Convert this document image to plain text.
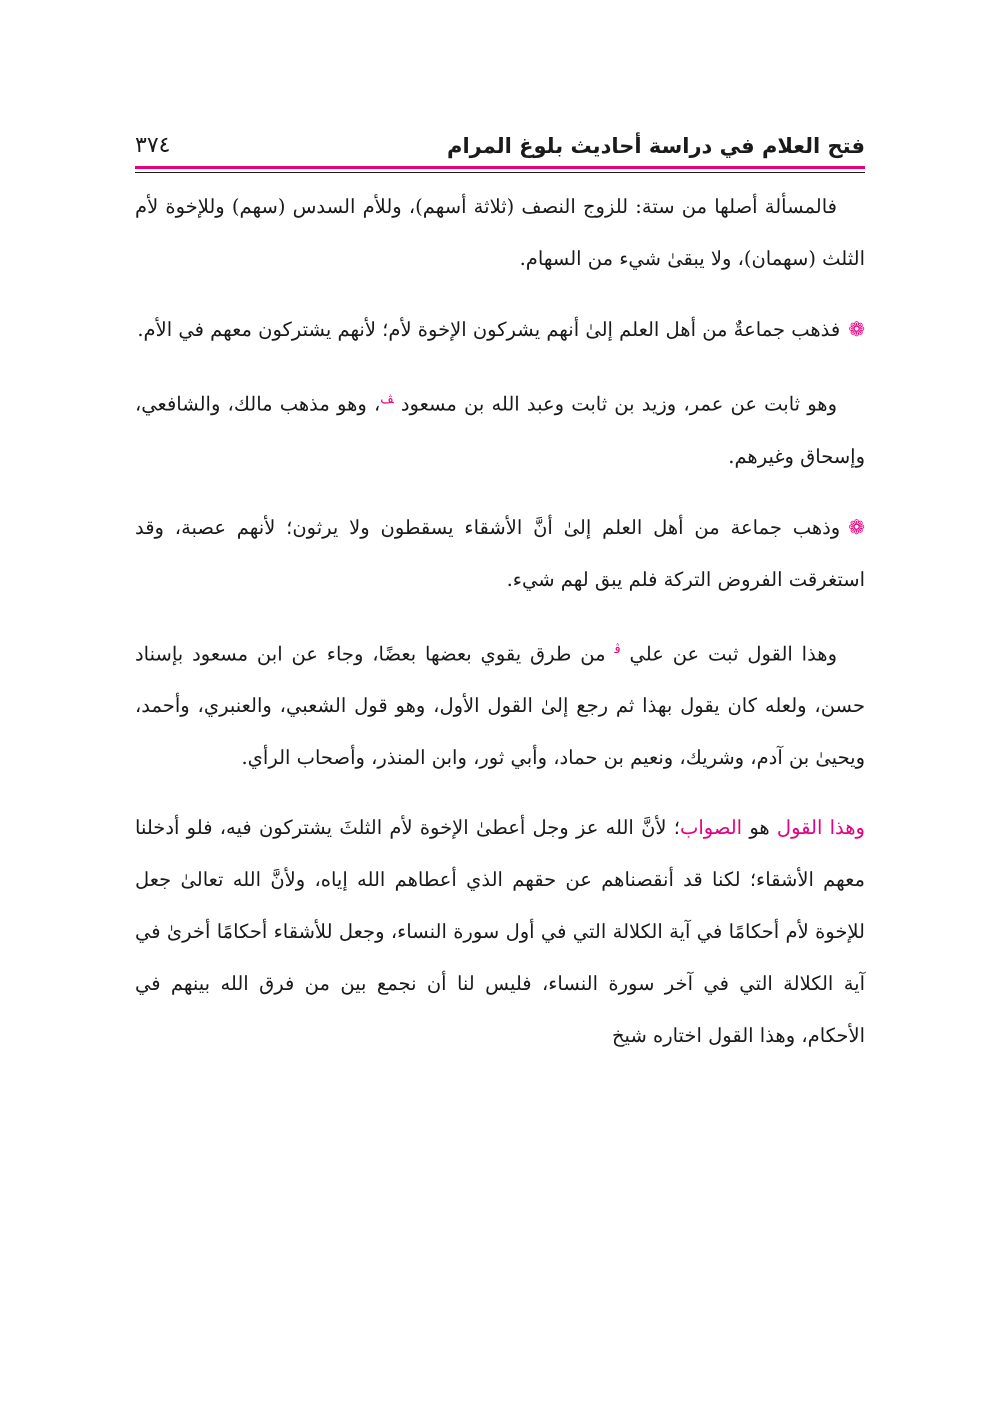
فتح العلام في دراسة أحاديث بلوغ المرام
٣٧٤

فالمسألة أصلها من ستة: للزوج النصف (ثلاثة أسهم)، وللأم السدس (سهم) وللإخوة لأم الثلث (سهمان)، ولا يبقىٰ شيء من السهام.

❁فذهب جماعةٌ من أهل العلم إلىٰ أنهم يشركون الإخوة لأم؛ لأنهم يشتركون معهم في الأم.

وهو ثابت عن عمر، وزيد بن ثابت وعبد الله بن مسعود $^ﭫ$، وهو مذهب مالك، والشافعي، وإسحاق وغيرهم.

❁وذهب جماعة من أهل العلم إلىٰ أنَّ الأشقاء يسقطون ولا يرثون؛ لأنهم عصبة، وقد استغرقت الفروض التركة فلم يبق لهم شيء.

وهذا القول ثبت عن علي $^ﭬ$ من طرق يقوي بعضها بعضًا، وجاء عن ابن مسعود بإسناد حسن، ولعله كان يقول بهذا ثم رجع إلىٰ القول الأول، وهو قول الشعبي، والعنبري، وأحمد، ويحيىٰ بن آدم، وشريك، ونعيم بن حماد، وأبي ثور، وابن المنذر، وأصحاب الرأي.

وهذا القول هو الصواب؛ لأنَّ الله عز وجل أعطىٰ الإخوة لأم الثلثَ يشتركون فيه، فلو أدخلنا معهم الأشقاء؛ لكنا قد أنقصناهم عن حقهم الذي أعطاهم الله إياه، ولأنَّ الله تعالىٰ جعل للإخوة لأم أحكامًا في آية الكلالة التي في أول سورة النساء، وجعل للأشقاء أحكامًا أخرىٰ في آية الكلالة التي في آخر سورة النساء، فليس لنا أن نجمع بين من فرق الله بينهم في الأحكام، وهذا القول اختاره شيخ
